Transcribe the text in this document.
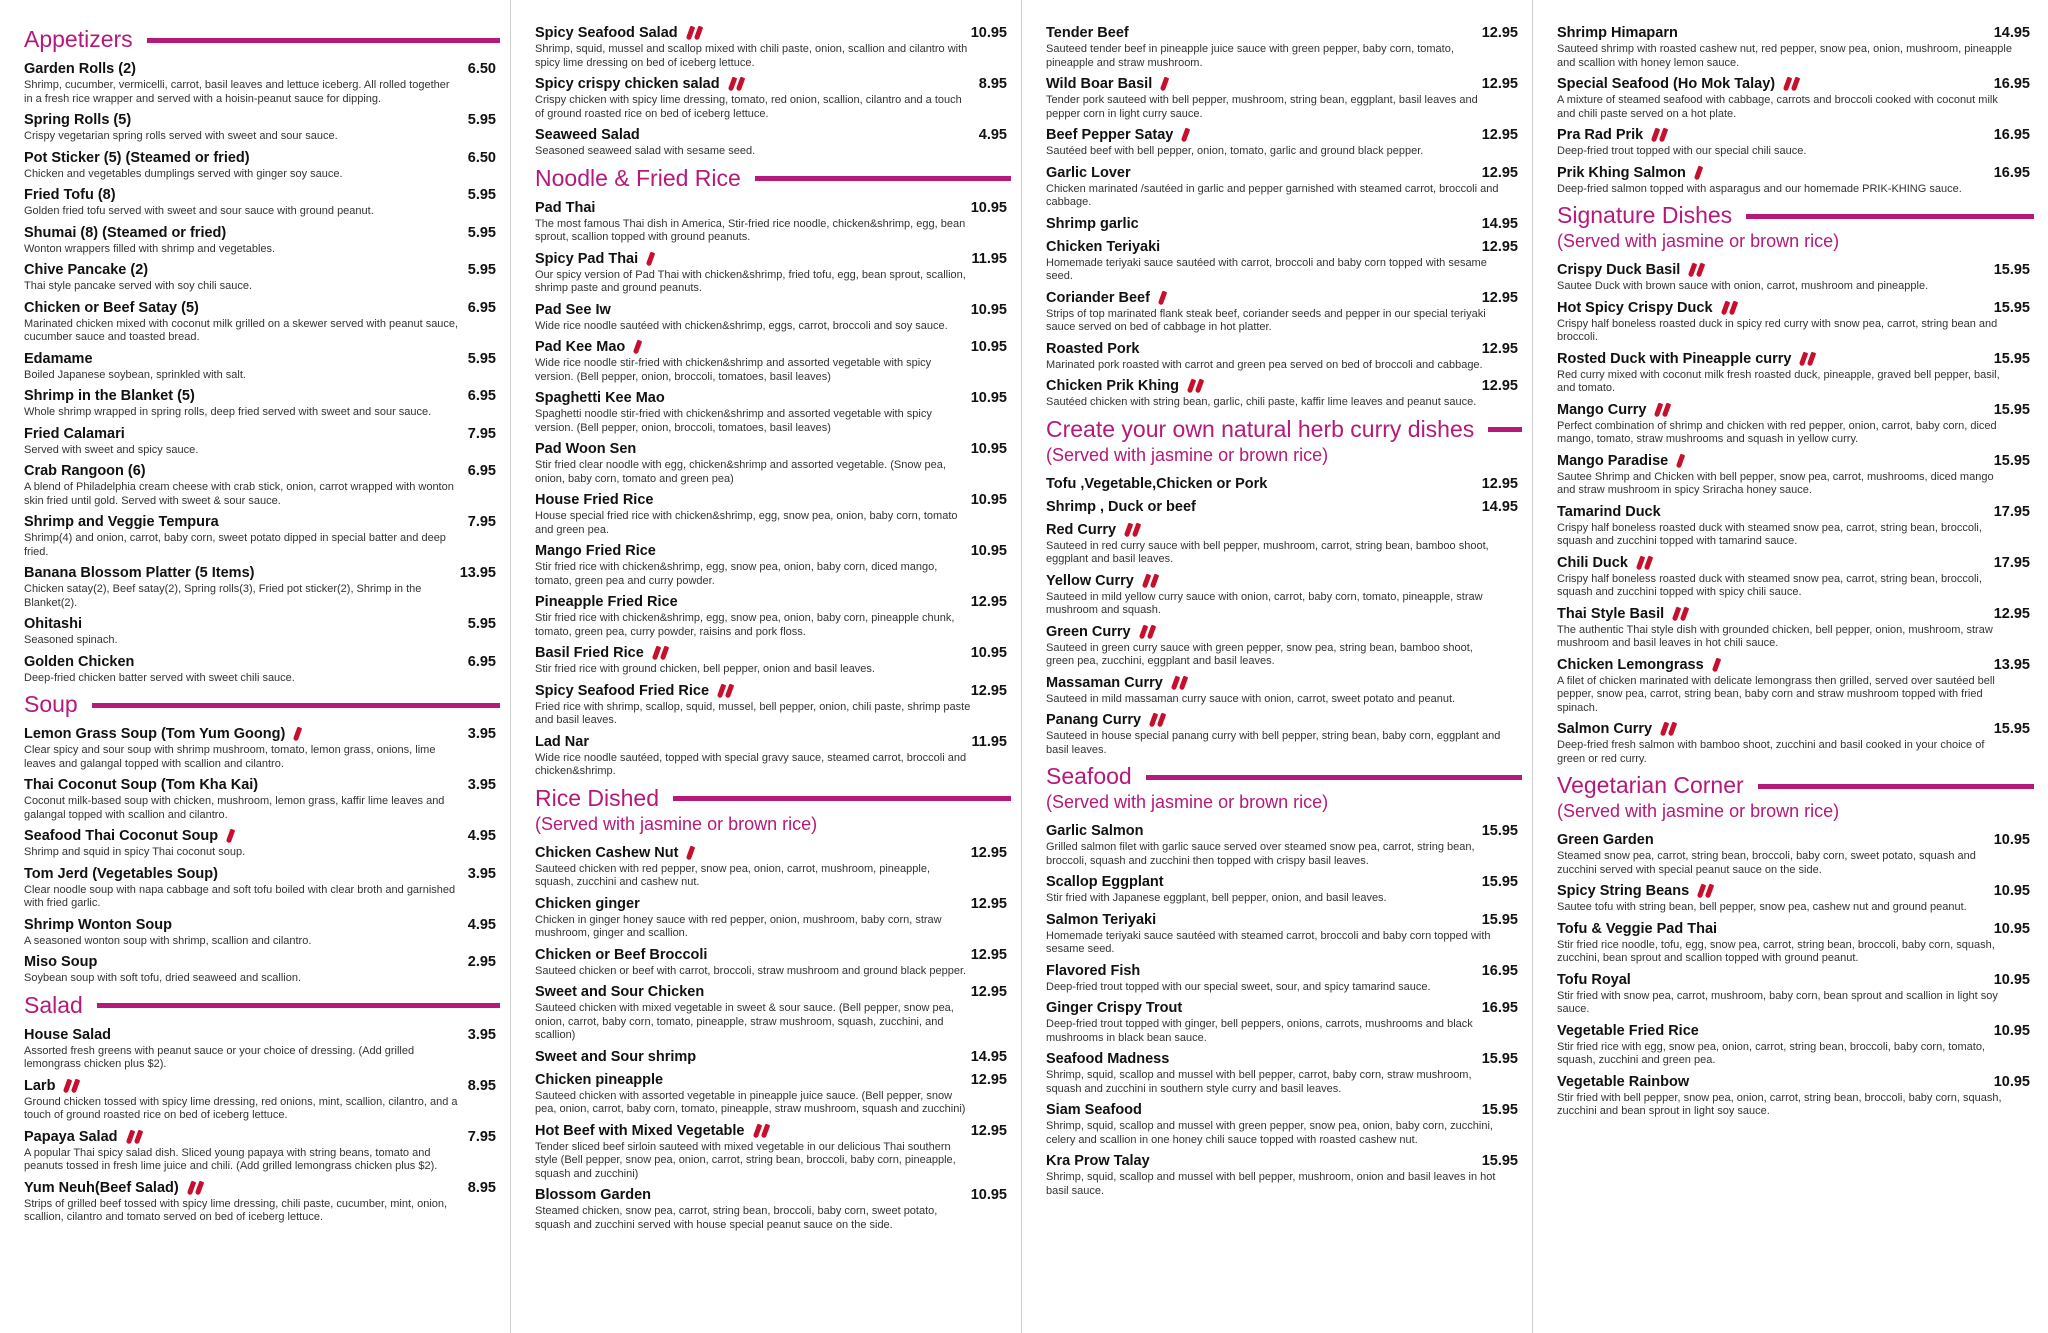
Appetizers
Garden Rolls (2)	6.50
Shrimp, cucumber, vermicelli, carrot, basil leaves and lettuce iceberg. All rolled together in a fresh rice wrapper and served with a hoisin-peanut sauce for dipping.
Spring Rolls (5)	5.95
Crispy vegetarian spring rolls served with sweet and sour sauce.
Pot Sticker (5) (Steamed or fried)	6.50
Chicken and vegetables dumplings served with ginger soy sauce.
Fried Tofu (8)	5.95
Golden fried tofu served with sweet and sour sauce with ground peanut.
Shumai (8) (Steamed or fried)	5.95
Wonton wrappers filled with shrimp and vegetables.
Chive Pancake (2)	5.95
Thai style pancake served with soy chili sauce.
Chicken or Beef Satay (5)	6.95
Marinated chicken mixed with coconut milk grilled on a skewer served with peanut sauce, cucumber sauce and toasted bread.
Edamame	5.95
Boiled Japanese soybean, sprinkled with salt.
Shrimp in the Blanket (5)	6.95
Whole shrimp wrapped in spring rolls, deep fried served with sweet and sour sauce.
Fried Calamari	7.95
Served with sweet and spicy sauce.
Crab Rangoon (6)	6.95
A blend of Philadelphia cream cheese with crab stick, onion, carrot wrapped with wonton skin fried until gold. Served with sweet & sour sauce.
Shrimp and Veggie Tempura	7.95
Shrimp(4) and onion, carrot, baby corn, sweet potato dipped in special batter and deep fried.
Banana Blossom Platter (5 Items)	13.95
Chicken satay(2), Beef satay(2), Spring rolls(3), Fried pot sticker(2), Shrimp in the Blanket(2).
Ohitashi	5.95
Seasoned spinach.
Golden Chicken	6.95
Deep-fried chicken batter served with sweet chili sauce.
Soup
Lemon Grass Soup (Tom Yum Goong)	3.95
Clear spicy and sour soup with shrimp mushroom, tomato, lemon grass, onions, lime leaves and galangal topped with scallion and cilantro.
Thai Coconut Soup (Tom Kha Kai)	3.95
Coconut milk-based soup with chicken, mushroom, lemon grass, kaffir lime leaves and galangal topped with scallion and cilantro.
Seafood Thai Coconut Soup	4.95
Shrimp and squid in spicy Thai coconut soup.
Tom Jerd (Vegetables Soup)	3.95
Clear noodle soup with napa cabbage and soft tofu boiled with clear broth and garnished with fried garlic.
Shrimp Wonton Soup	4.95
A seasoned wonton soup with shrimp, scallion and cilantro.
Miso Soup	2.95
Soybean soup with soft tofu, dried seaweed and scallion.
Salad
House Salad	3.95
Assorted fresh greens with peanut sauce or your choice of dressing. (Add grilled lemongrass chicken plus $2).
Larb	8.95
Ground chicken tossed with spicy lime dressing, red onions, mint, scallion, cilantro, and a touch of ground roasted rice on bed of iceberg lettuce.
Papaya Salad	7.95
A popular Thai spicy salad dish. Sliced young papaya with string beans, tomato and peanuts tossed in fresh lime juice and chili. (Add grilled lemongrass chicken plus $2).
Yum Neuh(Beef Salad)	8.95
Strips of grilled beef tossed with spicy lime dressing, chili paste, cucumber, mint, onion, scallion, cilantro and tomato served on bed of iceberg lettuce.
Spicy Seafood Salad	10.95
Shrimp, squid, mussel and scallop mixed with chili paste, onion, scallion and cilantro with spicy lime dressing on bed of iceberg lettuce.
Spicy crispy chicken salad	8.95
Crispy chicken with spicy lime dressing, tomato, red onion, scallion, cilantro and a touch of ground roasted rice on bed of iceberg lettuce.
Seaweed Salad	4.95
Seasoned seaweed salad with sesame seed.
Noodle & Fried Rice
Pad Thai	10.95
The most famous Thai dish in America, Stir-fried rice noodle, chicken&shrimp, egg, bean sprout, scallion topped with ground peanuts.
Spicy Pad Thai	11.95
Our spicy version of Pad Thai with chicken&shrimp, fried tofu, egg, bean sprout, scallion, shrimp paste and ground peanuts.
Pad See Iw	10.95
Wide rice noodle sautéed with chicken&shrimp, eggs, carrot, broccoli and soy sauce.
Pad Kee Mao	10.95
Wide rice noodle stir-fried with chicken&shrimp and assorted vegetable with spicy version. (Bell pepper, onion, broccoli, tomatoes, basil leaves)
Spaghetti Kee Mao	10.95
Spaghetti noodle stir-fried with chicken&shrimp and assorted vegetable with spicy version. (Bell pepper, onion, broccoli, tomatoes, basil leaves)
Pad Woon Sen	10.95
Stir fried clear noodle with egg, chicken&shrimp and assorted vegetable. (Snow pea, onion, baby corn, tomato and green pea)
House Fried Rice	10.95
House special fried rice with chicken&shrimp, egg, snow pea, onion, baby corn, tomato and green pea.
Mango Fried Rice	10.95
Stir fried rice with chicken&shrimp, egg, snow pea, onion, baby corn, diced mango, tomato, green pea and curry powder.
Pineapple Fried Rice	12.95
Stir fried rice with chicken&shrimp, egg, snow pea, onion, baby corn, pineapple chunk, tomato, green pea, curry powder, raisins and pork floss.
Basil Fried Rice	10.95
Stir fried rice with ground chicken, bell pepper, onion and basil leaves.
Spicy Seafood Fried Rice	12.95
Fried rice with shrimp, scallop, squid, mussel, bell pepper, onion, chili paste, shrimp paste and basil leaves.
Lad Nar	11.95
Wide rice noodle sautéed, topped with special gravy sauce, steamed carrot, broccoli and chicken&shrimp.
Rice Dished
(Served with jasmine or brown rice)
Chicken Cashew Nut	12.95
Sauteed chicken with red pepper, snow pea, onion, carrot, mushroom, pineapple, squash, zucchini and cashew nut.
Chicken ginger	12.95
Chicken in ginger honey sauce with red pepper, onion, mushroom, baby corn, straw mushroom, ginger and scallion.
Chicken or Beef Broccoli	12.95
Sauteed chicken or beef with carrot, broccoli, straw mushroom and ground black pepper.
Sweet and Sour Chicken	12.95
Sauteed chicken with mixed vegetable in sweet & sour sauce. (Bell pepper, snow pea, onion, carrot, baby corn, tomato, pineapple, straw mushroom, squash, zucchini, and scallion)
Sweet and Sour shrimp	14.95
Chicken pineapple	12.95
Sauteed chicken with assorted vegetable in pineapple juice sauce. (Bell pepper, snow pea, onion, carrot, baby corn, tomato, pineapple, straw mushroom, squash and zucchini)
Hot Beef with Mixed Vegetable	12.95
Tender sliced beef sirloin sauteed with mixed vegetable in our delicious Thai southern style (Bell pepper, snow pea, onion, carrot, string bean, broccoli, baby corn, pineapple, squash and zucchini)
Blossom Garden	10.95
Steamed chicken, snow pea, carrot, string bean, broccoli, baby corn, sweet potato, squash and zucchini served with house special peanut sauce on the side.
Tender Beef	12.95
Sauteed tender beef in pineapple juice sauce with green pepper, baby corn, tomato, pineapple and straw mushroom.
Wild Boar Basil	12.95
Tender pork sauteed with bell pepper, mushroom, string bean, eggplant, basil leaves and pepper corn in light curry sauce.
Beef Pepper Satay	12.95
Sautéed beef with bell pepper, onion, tomato, garlic and ground black pepper.
Garlic Lover	12.95
Chicken marinated /sautéed in garlic and pepper garnished with steamed carrot, broccoli and cabbage.
Shrimp garlic	14.95
Chicken Teriyaki	12.95
Homemade teriyaki sauce sautéed with carrot, broccoli and baby corn topped with sesame seed.
Coriander Beef	12.95
Strips of top marinated flank steak beef, coriander seeds and pepper in our special teriyaki sauce served on bed of cabbage in hot platter.
Roasted Pork	12.95
Marinated pork roasted with carrot and green pea served on bed of broccoli and cabbage.
Chicken Prik Khing	12.95
Sautéed chicken with string bean, garlic, chili paste, kaffir lime leaves and peanut sauce.
Create your own natural herb curry dishes
(Served with jasmine or brown rice)
Tofu ,Vegetable,Chicken or Pork	12.95
Shrimp , Duck or beef	14.95
Red Curry
Sauteed in red curry sauce with bell pepper, mushroom, carrot, string bean, bamboo shoot, eggplant and basil leaves.
Yellow Curry
Sauteed in mild yellow curry sauce with onion, carrot, baby corn, tomato, pineapple, straw mushroom and squash.
Green Curry
Sauteed in green curry sauce with green pepper, snow pea, string bean, bamboo shoot, green pea, zucchini, eggplant and basil leaves.
Massaman Curry
Sauteed in mild massaman curry sauce with onion, carrot, sweet potato and peanut.
Panang Curry
Sauteed in house special panang curry with bell pepper, string bean, baby corn, eggplant and basil leaves.
Seafood
(Served with jasmine or brown rice)
Garlic Salmon	15.95
Grilled salmon filet with garlic sauce served over steamed snow pea, carrot, string bean, broccoli, squash and zucchini then topped with crispy basil leaves.
Scallop Eggplant	15.95
Stir fried with Japanese eggplant, bell pepper, onion, and basil leaves.
Salmon Teriyaki	15.95
Homemade teriyaki sauce sautéed with steamed carrot, broccoli and baby corn topped with sesame seed.
Flavored Fish	16.95
Deep-fried trout topped with our special sweet, sour, and spicy tamarind sauce.
Ginger Crispy Trout	16.95
Deep-fried trout topped with ginger, bell peppers, onions, carrots, mushrooms and black mushrooms in black bean sauce.
Seafood Madness	15.95
Shrimp, squid, scallop and mussel with bell pepper, carrot, baby corn, straw mushroom, squash and zucchini in southern style curry and basil leaves.
Siam Seafood	15.95
Shrimp, squid, scallop and mussel with green pepper, snow pea, onion, baby corn, zucchini, celery and scallion in one honey chili sauce topped with roasted cashew nut.
Kra Prow Talay	15.95
Shrimp, squid, scallop and mussel with bell pepper, mushroom, onion and basil leaves in hot basil sauce.
Shrimp Himaparn	14.95
Sauteed shrimp with roasted cashew nut, red pepper, snow pea, onion, mushroom, pineapple and scallion with honey lemon sauce.
Special Seafood (Ho Mok Talay)	16.95
A mixture of steamed seafood with cabbage, carrots and broccoli cooked with coconut milk and chili paste served on a hot plate.
Pra Rad Prik	16.95
Deep-fried trout topped with our special chili sauce.
Prik Khing Salmon	16.95
Deep-fried salmon topped with asparagus and our homemade PRIK-KHING sauce.
Signature Dishes
(Served with jasmine or brown rice)
Crispy Duck Basil	15.95
Sautee Duck with brown sauce with onion, carrot, mushroom and pineapple.
Hot Spicy Crispy Duck	15.95
Crispy half boneless roasted duck in spicy red curry with snow pea, carrot, string bean and broccoli.
Rosted Duck with Pineapple curry	15.95
Red curry mixed with coconut milk fresh roasted duck, pineapple, graved bell pepper, basil, and tomato.
Mango Curry	15.95
Perfect combination of shrimp and chicken with red pepper, onion, carrot, baby corn, diced mango, tomato, straw mushrooms and squash in yellow curry.
Mango Paradise	15.95
Sautee Shrimp and Chicken with bell pepper, snow pea, carrot, mushrooms, diced mango and straw mushroom in spicy Sriracha honey sauce.
Tamarind Duck	17.95
Crispy half boneless roasted duck with steamed snow pea, carrot, string bean, broccoli, squash and zucchini topped with tamarind sauce.
Chili Duck	17.95
Crispy half boneless roasted duck with steamed snow pea, carrot, string bean, broccoli, squash and zucchini topped with spicy chili sauce.
Thai Style Basil	12.95
The authentic Thai style dish with grounded chicken, bell pepper, onion, mushroom, straw mushroom and basil leaves in hot chili sauce.
Chicken Lemongrass	13.95
A filet of chicken marinated with delicate lemongrass then grilled, served over sautéed bell pepper, snow pea, carrot, string bean, baby corn and straw mushroom topped with fried spinach.
Salmon Curry	15.95
Deep-fried fresh salmon with bamboo shoot, zucchini and basil cooked in your choice of green or red curry.
Vegetarian Corner
(Served with jasmine or brown rice)
Green Garden	10.95
Steamed snow pea, carrot, string bean, broccoli, baby corn, sweet potato, squash and zucchini served with special peanut sauce on the side.
Spicy String Beans	10.95
Sautee tofu with string bean, bell pepper, snow pea, cashew nut and ground peanut.
Tofu & Veggie Pad Thai	10.95
Stir fried rice noodle, tofu, egg, snow pea, carrot, string bean, broccoli, baby corn, squash, zucchini, bean sprout and scallion topped with ground peanut.
Tofu Royal	10.95
Stir fried with snow pea, carrot, mushroom, baby corn, bean sprout and scallion in light soy sauce.
Vegetable Fried Rice	10.95
Stir fried rice with egg, snow pea, onion, carrot, string bean, broccoli, baby corn, tomato, squash, zucchini and green pea.
Vegetable Rainbow	10.95
Stir fried with bell pepper, snow pea, onion, carrot, string bean, broccoli, baby corn, squash, zucchini and bean sprout in light soy sauce.
